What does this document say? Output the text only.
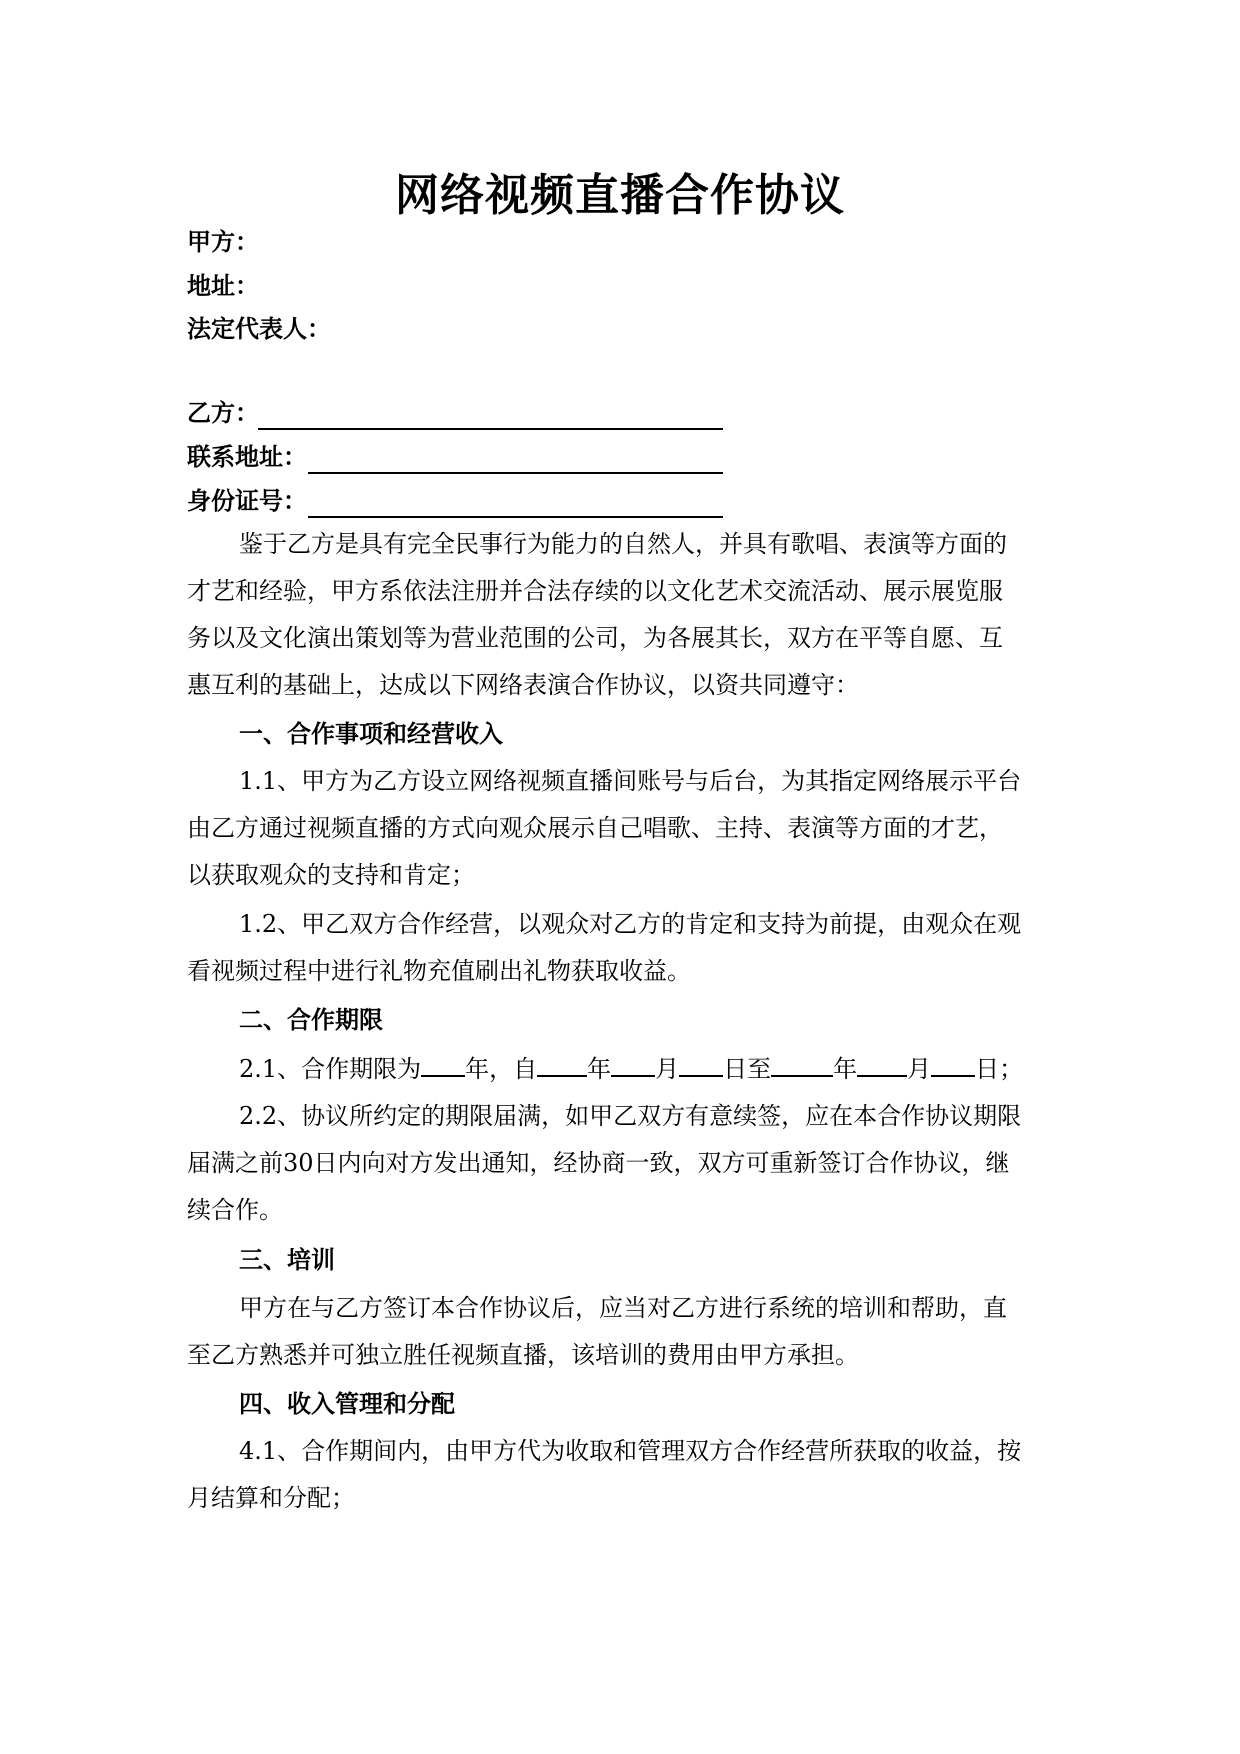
网络视频直播合作协议
甲方：
地址：
法定代表人：
乙方：
联系地址：
身份证号：
鉴于乙方是具有完全民事行为能力的自然人，并具有歌唱、表演等方面的
才艺和经验，甲方系依法注册并合法存续的以文化艺术交流活动、展示展览服
务以及文化演出策划等为营业范围的公司，为各展其长，双方在平等自愿、互
惠互利的基础上，达成以下网络表演合作协议，以资共同遵守：
一、合作事项和经营收入
1.1、甲方为乙方设立网络视频直播间账号与后台，为其指定网络展示平台
由乙方通过视频直播的方式向观众展示自己唱歌、主持、表演等方面的才艺，
以获取观众的支持和肯定；
1.2、甲乙双方合作经营，以观众对乙方的肯定和支持为前提，由观众在观
看视频过程中进行礼物充值刷出礼物获取收益。
二、合作期限
2.1、合作期限为 年，自 年 月 日至	年 月 日；
2.2、协议所约定的期限届满，如甲乙双方有意续签，应在本合作协议期限
届满之前30日内向对方发出通知，经协商一致，双方可重新签订合作协议，继
续合作。
三、培训
甲方在与乙方签订本合作协议后，应当对乙方进行系统的培训和帮助，直
至乙方熟悉并可独立胜任视频直播，该培训的费用由甲方承担。
四、收入管理和分配
4.1、合作期间内，由甲方代为收取和管理双方合作经营所获取的收益，按
月结算和分配；
